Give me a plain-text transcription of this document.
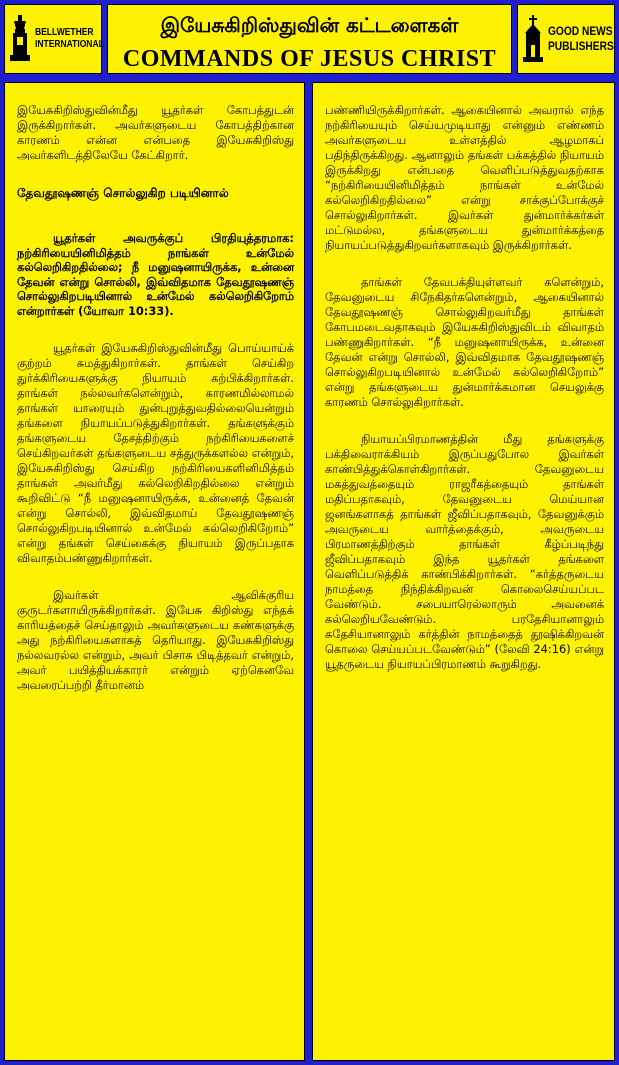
BELLWETHER
INTERNATIONAL
இயேசுகிறிஸ்துவின் கட்டளைகள்
COMMANDS OF JESUS CHRIST
GOOD NEWS
PUBLISHERS

இயேசுகிறிஸ்துவின்மீது யூதர்கள் கோபத்துடன் இருக்கிறார்கள். அவர்களுடைய கோபத்திற்கான காரணம் என்ன என்பதை இயேசுகிறிஸ்து அவர்களிடத்திலேயே கேட்கிறார்.

தேவதூஷணஞ் சொல்லுகிற படியினால்

யூதர்கள் அவருக்குப் பிரதியுத்தரமாக: நற்கிரியையினிமித்தம் நாங்கள் உன்மேல் கல்லெறிகிறதில்லை; நீ மனுஷனாயிருக்க, உன்னை தேவன் என்று சொல்லி, இவ்விதமாக தேவதூஷணஞ் சொல்லுகிறபடியினால் உன்மேல் கல்லெறிகிறோம் என்றார்கள் (யோவா 10:33).

யூதர்கள் இயேசுகிறிஸ்துவின்மீது பொய்யாய்க் குற்றம் சுமத்துகிறார்கள். தாங்கள் செய்கிற துர்க்கிரியைகளுக்கு நியாயம் கற்பிக்கிறார்கள். தாங்கள் நல்லவர்களென்றும், காரணமில்லாமல் தாங்கள் யாரையும் துன்புறுத்துவதில்லையென்றும் தங்களை நியாயப்படுத்துகிறார்கள். தங்களுக்கும் தங்களுடைய தேசத்திற்கும் நற்கிரியைகளைச் செய்கிறவர்கள் தங்களுடைய சத்துருக்களல்ல என்றும், இயேசுகிறிஸ்து செய்கிற நற்கிரியைகளினிமித்தம் தாங்கள் அவர்மீது கல்லெறிகிறதில்லை என்றும் கூறிவிட்டு “நீ மனுஷனாயிருக்க, உன்னைத் தேவன் என்று சொல்லி, இவ்விதமாய் தேவதூஷணஞ் சொல்லுகிறபடியினால் உன்மேல் கல்லெறிகிறோம்” என்று தங்கள் செய்கைக்கு நியாயம் இருப்பதாக விவாதம்பண்ணுகிறார்கள்.

இவர்கள் ஆவிக்குரிய குருடர்களாயிருக்கிறார்கள். இயேசு கிறிஸ்து எந்தக் காரியத்தைச் செய்தாலும் அவர்களுடைய கண்களுக்கு அது நற்கிரியைகளாகத் தெரியாது. இயேசுகிறிஸ்து நல்லவரல்ல என்றும், அவர் பிசாசு பிடித்தவர் என்றும், அவர் பயித்தியக்காரர் என்றும் ஏற்கெனவே அவரைப்பற்றி தீர்மானம்

பண்ணியிருக்கிறார்கள். ஆகையினால் அவரால் எந்த நற்கிரியையும் செய்யமுடியாது என்னும் எண்ணம் அவர்களுடைய உள்ளத்தில் ஆழமாகப் பதிந்திருக்கிறது. ஆனாலும் தங்கள் பக்கத்தில் நியாயம் இருக்கிறது என்பதை வெளிப்படுத்துவதற்காக “நற்கிரியையினிமித்தம் நாங்கள் உன்மேல் கல்லெறிகிறதில்லை” என்று சாக்குப்போக்குச் சொல்லுகிறார்கள். இவர்கள் துன்மார்க்கர்கள் மட்டுமல்ல, தங்களுடைய துன்மார்க்கத்தை நியாயப்படுத்துகிறவர்களாகவும் இருக்கிறார்கள்.

தாங்கள் தேவபக்தியுள்ளவர் களென்றும், தேவனுடைய சிநேகிதர்களென்றும், ஆகையினால் தேவதூஷணஞ் சொல்லுகிறவர்மீது தாங்கள் கோபமடைவதாகவும் இயேசுகிறிஸ்துவிடம் விவாதம் பண்ணுகிறார்கள். “நீ மனுஷனாயிருக்க, உன்னை தேவன் என்று சொல்லி, இவ்விதமாக தேவதூஷணஞ் சொல்லுகிறபடியினால் உன்மேல் கல்லெறிகிறோம்” என்று தங்களுடைய துன்மார்க்கமான செயலுக்கு காரணம் சொல்லுகிறார்கள்.

நியாயப்பிரமாணத்தின் மீது தங்களுக்கு பக்திவைராக்கியம் இருப்பதுபோல இவர்கள் காண்பித்துக்கொள்கிறார்கள். தேவனுடைய மகத்துவத்தையும் ராஜரீகத்தையும் தாங்கள் மதிப்பதாகவும், தேவனுடைய மெய்யான ஜனங்களாகத் தாங்கள் ஜீவிப்பதாகவும், தேவனுக்கும் அவருடைய வார்த்தைக்கும், அவருடைய பிரமாணத்திற்கும் தாங்கள் கீழ்ப்படிந்து ஜீவிப்பதாகவும் இந்த யூதர்கள் தங்களை வெளிப்படுத்திக் காண்பிக்கிறார்கள். “கர்த்தருடைய நாமத்தை நிந்திக்கிறவன் கொலைசெய்யப்பட வேண்டும். சபையாரெல்லாரும் அவனைக் கல்லெறியவேண்டும். பரதேசியானாலும் சுதேசியானாலும் கர்த்தின் நாமத்தைத் தூஷிக்கிறவன் கொலை செய்யப்படவேண்டும்” (லேவி 24:16) என்று யூதருடைய நியாயப்பிரமாணம் கூறுகிறது.
